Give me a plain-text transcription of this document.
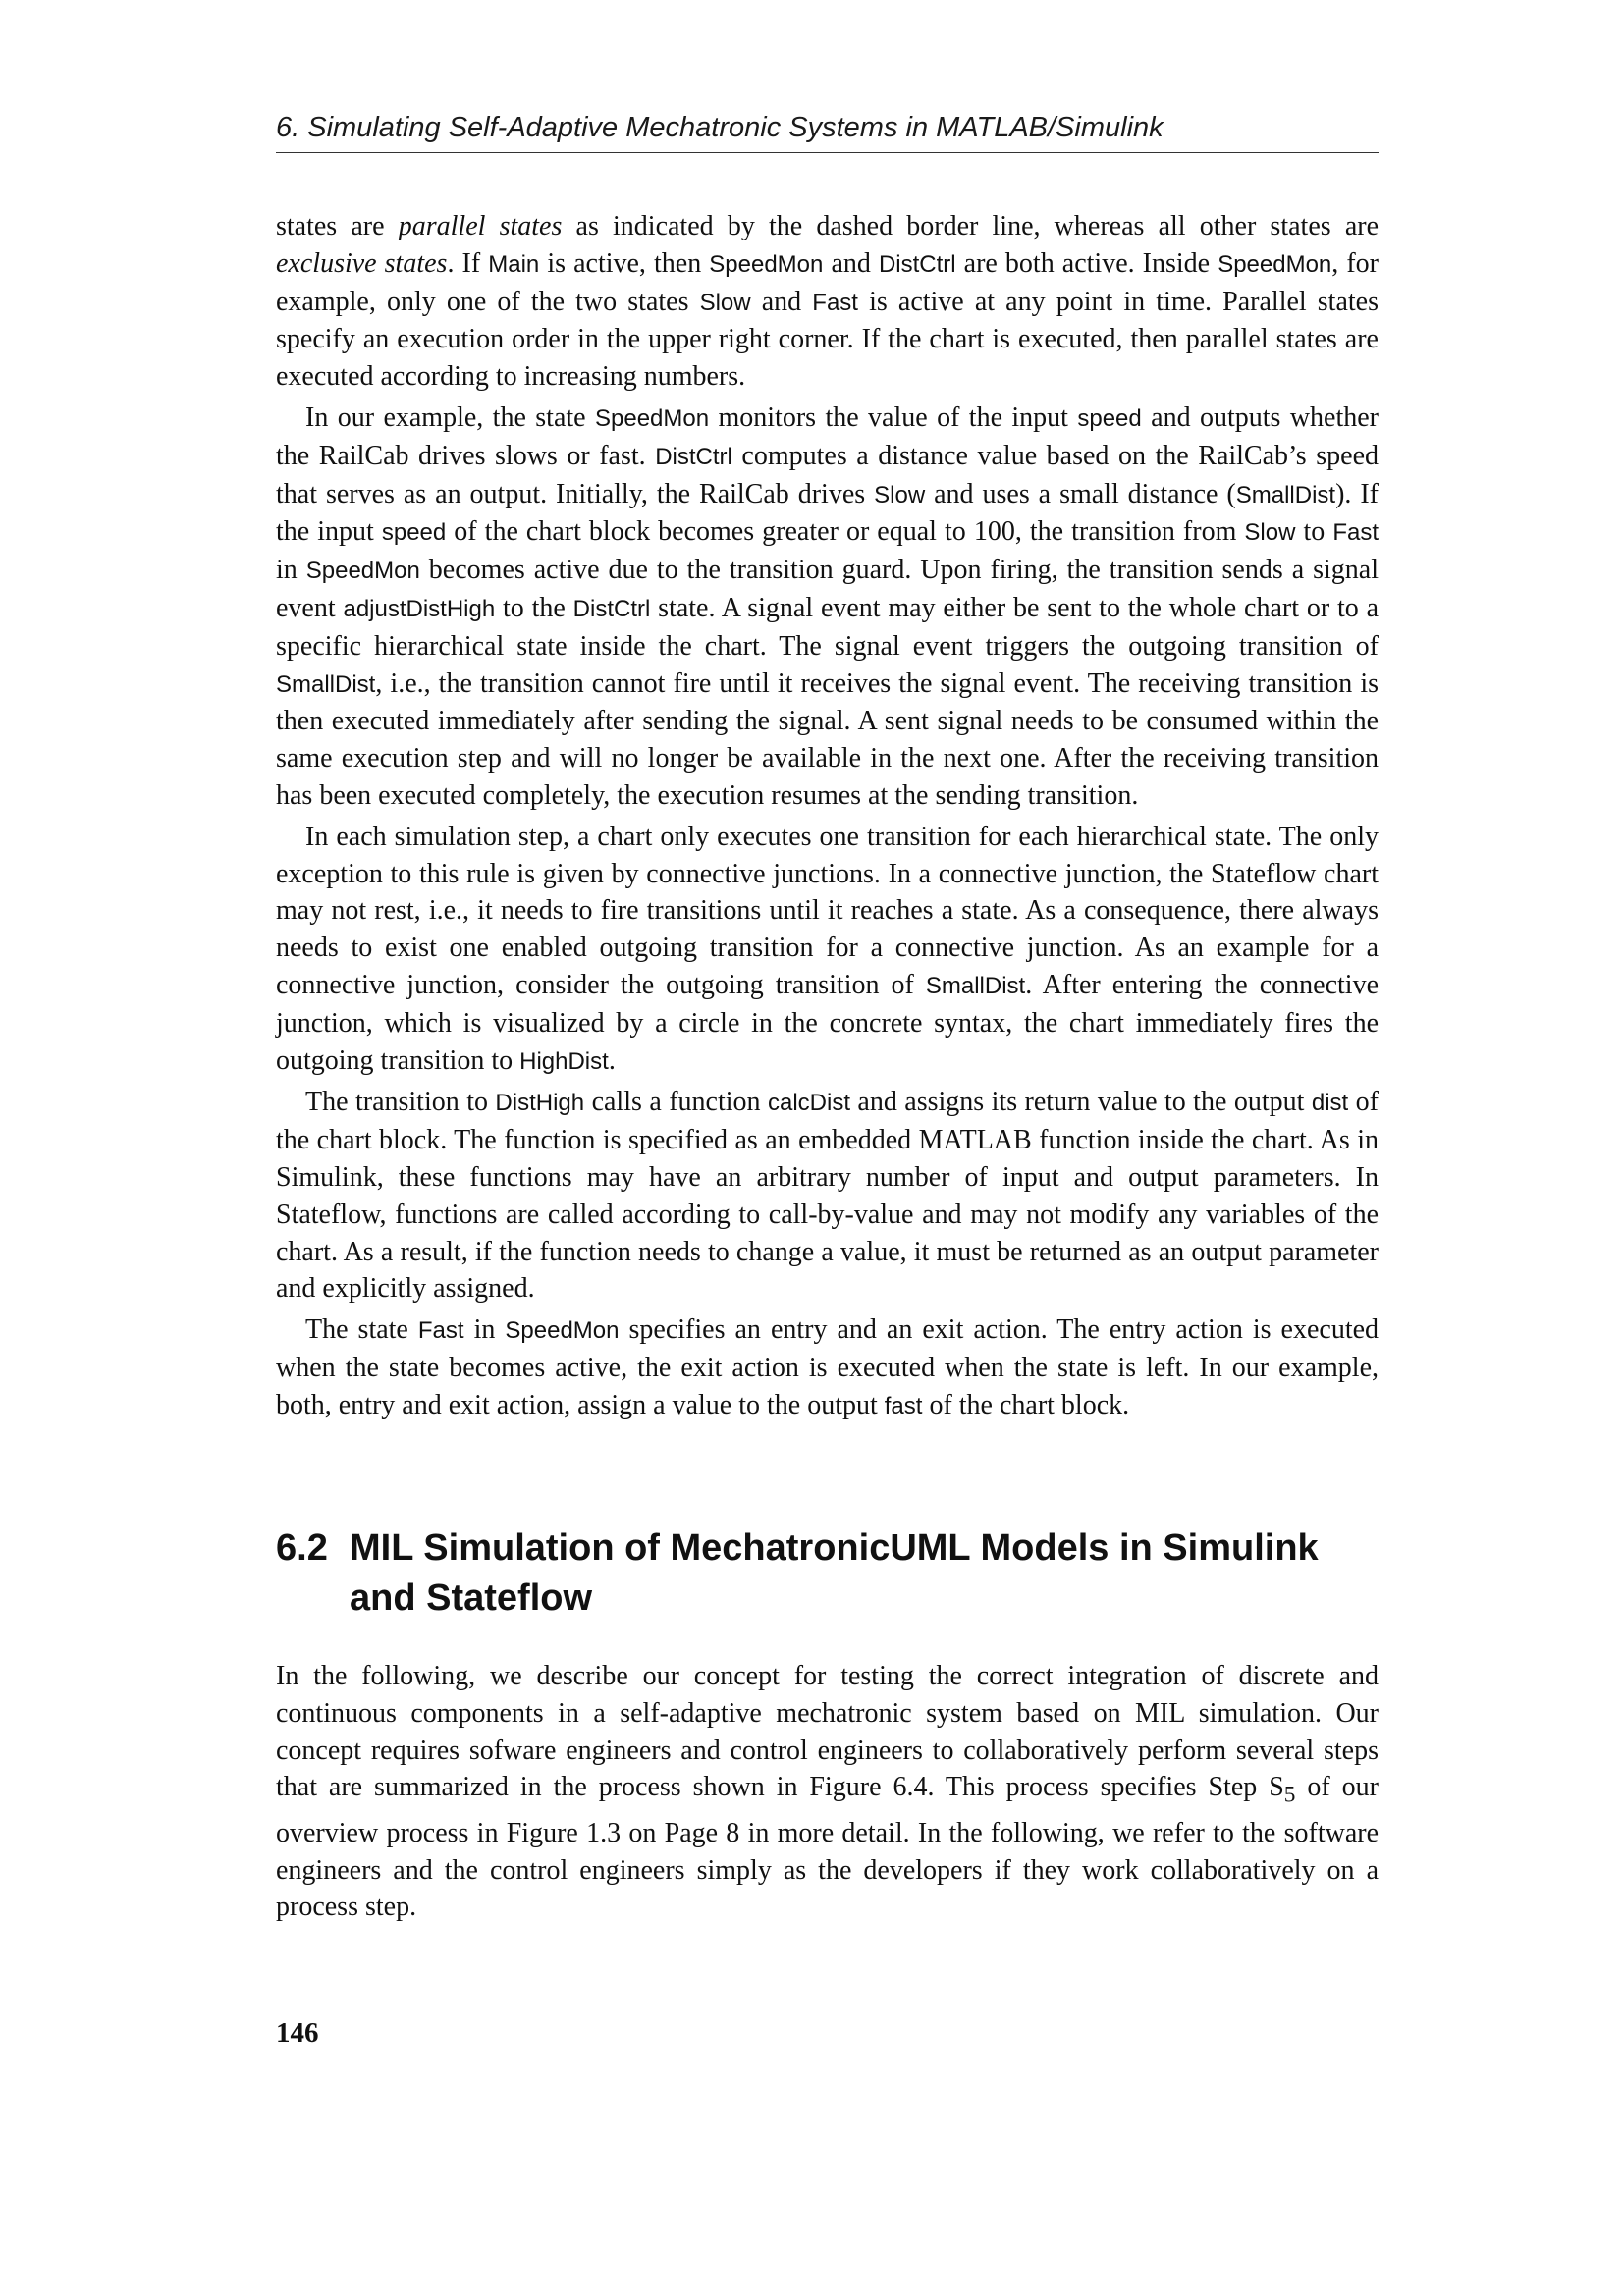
6. Simulating Self-Adaptive Mechatronic Systems in MATLAB/Simulink

states are parallel states as indicated by the dashed border line, whereas all other states are exclusive states. If Main is active, then SpeedMon and DistCtrl are both active. Inside SpeedMon, for example, only one of the two states Slow and Fast is active at any point in time. Parallel states specify an execution order in the upper right corner. If the chart is executed, then parallel states are executed according to increasing numbers.

In our example, the state SpeedMon monitors the value of the input speed and outputs whether the RailCab drives slows or fast. DistCtrl computes a distance value based on the RailCab’s speed that serves as an output. Initially, the RailCab drives Slow and uses a small distance (SmallDist). If the input speed of the chart block becomes greater or equal to 100, the transition from Slow to Fast in SpeedMon becomes active due to the transition guard. Upon firing, the transition sends a signal event adjustDistHigh to the DistCtrl state. A signal event may either be sent to the whole chart or to a specific hierarchical state inside the chart. The signal event triggers the outgoing transition of SmallDist, i.e., the transition cannot fire until it receives the signal event. The receiving transition is then executed immediately after sending the signal. A sent signal needs to be consumed within the same execution step and will no longer be available in the next one. After the receiving transition has been executed completely, the execution resumes at the sending transition.

In each simulation step, a chart only executes one transition for each hierarchical state. The only exception to this rule is given by connective junctions. In a connective junction, the Stateflow chart may not rest, i.e., it needs to fire transitions until it reaches a state. As a consequence, there always needs to exist one enabled outgoing transition for a connective junction. As an example for a connective junction, consider the outgoing transition of SmallDist. After entering the connective junction, which is visualized by a circle in the concrete syntax, the chart immediately fires the outgoing transition to HighDist.

The transition to DistHigh calls a function calcDist and assigns its return value to the output dist of the chart block. The function is specified as an embedded MATLAB function inside the chart. As in Simulink, these functions may have an arbitrary number of input and output parameters. In Stateflow, functions are called according to call-by-value and may not modify any variables of the chart. As a result, if the function needs to change a value, it must be returned as an output parameter and explicitly assigned.

The state Fast in SpeedMon specifies an entry and an exit action. The entry action is executed when the state becomes active, the exit action is executed when the state is left. In our example, both, entry and exit action, assign a value to the output fast of the chart block.

6.2 MIL Simulation of MechatronicUML Models in Simulink
and Stateflow

In the following, we describe our concept for testing the correct integration of discrete and continuous components in a self-adaptive mechatronic system based on MIL simulation. Our concept requires sofware engineers and control engineers to collaboratively perform several steps that are summarized in the process shown in Figure 6.4. This process specifies Step $S_5$ of our overview process in Figure 1.3 on Page 8 in more detail. In the following, we refer to the software engineers and the control engineers simply as the developers if they work collaboratively on a process step.

146
